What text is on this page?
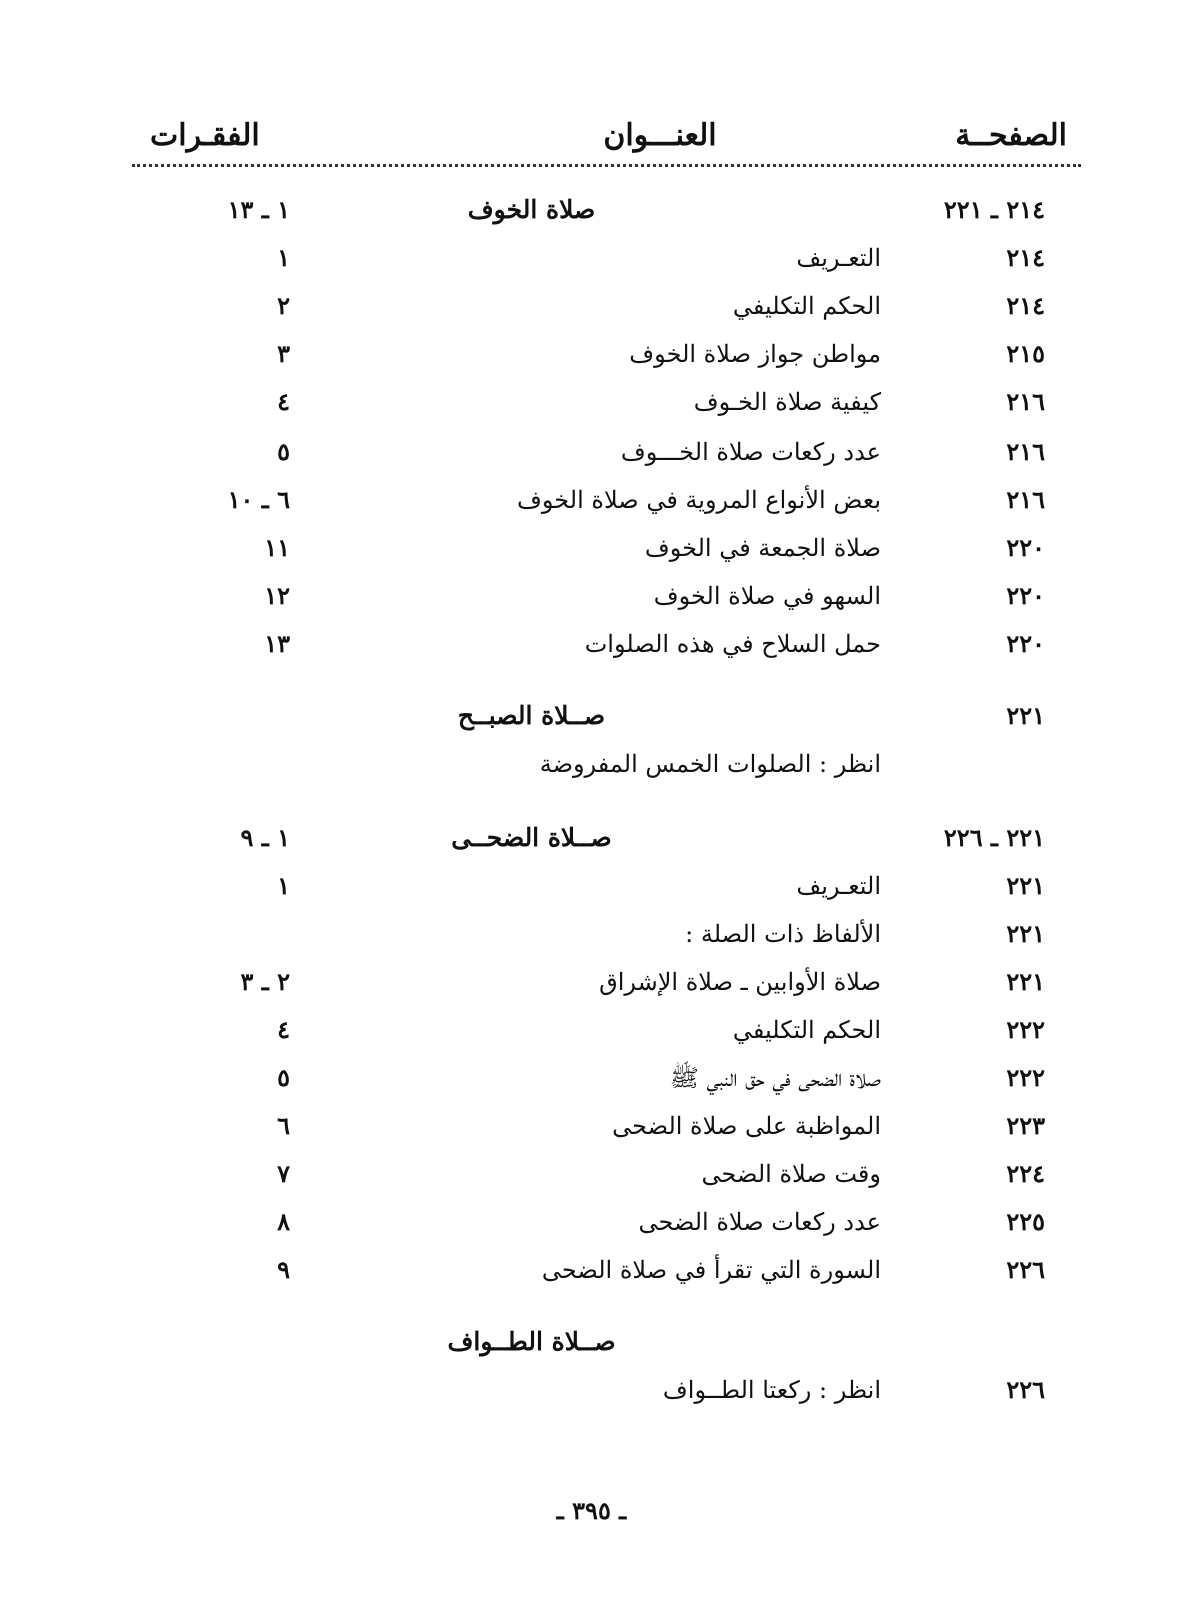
الصفحــة
العنـــوان
الفقـرات
٢١٤ ـ ٢٢١
صلاة الخوف
١ ـ ١٣
٢١٤
التعـريف
١
٢١٤
الحكم التكليفي
٢
٢١٥
مواطن جواز صلاة الخوف
٣
٢١٦
كيفية صلاة الخـوف
٤
٢١٦
عدد ركعات صلاة الخـــوف
٥
٢١٦
بعض الأنواع المروية في صلاة الخوف
٦ ـ ١٠
٢٢٠
صلاة الجمعة في الخوف
١١
٢٢٠
السهو في صلاة الخوف
١٢
٢٢٠
حمل السلاح في هذه الصلوات
١٣
٢٢١
صــلاة الصبــح
انظر : الصلوات الخمس المفروضة
٢٢١ ـ ٢٢٦
صــلاة الضحــى
١ ـ ٩
٢٢١
التعـريف
١
٢٢١
الألفاظ ذات الصلة :
٢٢١
صلاة الأوابين ـ صلاة الإشراق
٢ ـ ٣
٢٢٢
الحكم التكليفي
٤
٢٢٢
صلاة الضحى في حق النبي ﷺ
٥
٢٢٣
المواظبة على صلاة الضحى
٦
٢٢٤
وقت صلاة الضحى
٧
٢٢٥
عدد ركعات صلاة الضحى
٨
٢٢٦
السورة التي تقرأ في صلاة الضحى
٩
صــلاة الطــواف
٢٢٦
انظر : ركعتا الطــواف
ـ ٣٩٥ ـ
